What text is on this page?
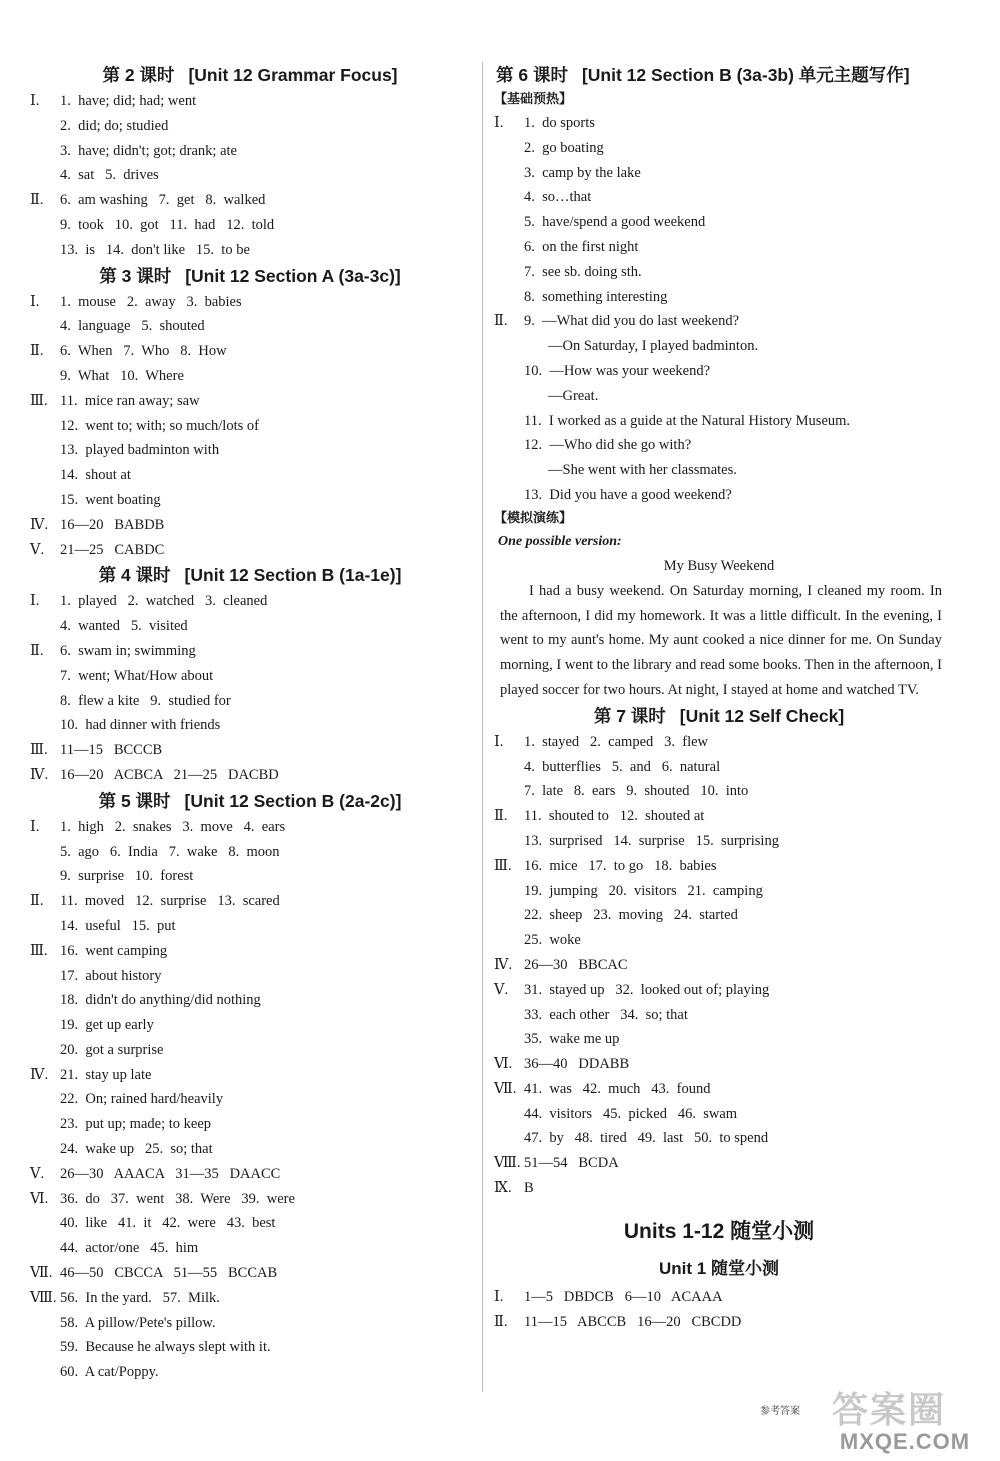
第 2 课时 [Unit 12 Grammar Focus]
Ⅰ.	1.  have; did; had; went
2.  did; do; studied
3.  have; didn't; got; drank; ate
4.  sat   5.  drives
Ⅱ.	6.  am washing   7.  get   8.  walked
9.  took   10.  got   11.  had   12.  told
13.  is   14.  don't like   15.  to be
第 3 课时 [Unit 12 Section A (3a-3c)]
Ⅰ.	1.  mouse   2.  away   3.  babies
4.  language   5.  shouted
Ⅱ.	6.  When   7.  Who   8.  How
9.  What   10.  Where
Ⅲ. 11.  mice ran away; saw
12.  went to; with; so much/lots of
13.  played badminton with
14.  shout at
15.  went boating
Ⅳ. 16—20   BABDB
Ⅴ.	21—25   CABDC
第 4 课时 [Unit 12 Section B (1a-1e)]
Ⅰ.	1.  played   2.  watched   3.  cleaned
4.  wanted   5.  visited
Ⅱ.	6.  swam in; swimming
7.  went; What/How about
8.  flew a kite   9.  studied for
10.  had dinner with friends
Ⅲ. 11—15   BCCCB
Ⅳ. 16—20   ACBCA   21—25   DACBD
第 5 课时 [Unit 12 Section B (2a-2c)]
Ⅰ.	1.  high   2.  snakes   3.  move   4.  ears
5.  ago   6.  India   7.  wake   8.  moon
9.  surprise   10.  forest
Ⅱ.	11.  moved   12.  surprise   13.  scared
14.  useful   15.  put
Ⅲ. 16.  went camping
17.  about history
18.  didn't do anything/did nothing
19.  get up early
20.  got a surprise
Ⅳ. 21.  stay up late
22.  On; rained hard/heavily
23.  put up; made; to keep
24.  wake up   25.  so; that
Ⅴ.	26—30   AAACA   31—35   DAACC
Ⅵ. 36.  do   37.  went   38.  Were   39.  were
40.  like   41.  it   42.  were   43.  best
44.  actor/one   45.  him
Ⅶ. 46—50   CBCCA   51—55   BCCAB
Ⅷ. 56.  In the yard.   57.  Milk.
58.  A pillow/Pete's pillow.
59.  Because he always slept with it.
60.  A cat/Poppy.
第 6 课时 [Unit 12 Section B (3a-3b) 单元主题写作]
【基础预热】
Ⅰ.	1.  do sports
2.  go boating
3.  camp by the lake
4.  so…that
5.  have/spend a good weekend
6.  on the first night
7.  see sb. doing sth.
8.  something interesting
Ⅱ.	9.  —What did you do last weekend?
—On Saturday, I played badminton.
10.  —How was your weekend?
—Great.
11.  I worked as a guide at the Natural History Museum.
12.  —Who did she go with?
—She went with her classmates.
13.  Did you have a good weekend?
【模拟演练】
One possible version:
My Busy Weekend

I had a busy weekend. On Saturday morning, I cleaned my room. In the afternoon, I did my homework. It was a little difficult. In the evening, I went to my aunt's home. My aunt cooked a nice dinner for me. On Sunday morning, I went to the library and read some books. Then in the afternoon, I played soccer for two hours. At night, I stayed at home and watched TV.

第 7 课时 [Unit 12 Self Check]
Ⅰ.	1.  stayed   2.  camped   3.  flew
4.  butterflies   5.  and   6.  natural
7.  late   8.  ears   9.  shouted   10.  into
Ⅱ.	11.  shouted to   12.  shouted at
13.  surprised   14.  surprise   15.  surprising
Ⅲ. 16.  mice   17.  to go   18.  babies
19.  jumping   20.  visitors   21.  camping
22.  sheep   23.  moving   24.  started
25.  woke
Ⅳ. 26—30   BBCAC
Ⅴ.	31.  stayed up   32.  looked out of; playing
33.  each other   34.  so; that
35.  wake me up
Ⅵ. 36—40   DDABB
Ⅶ. 41.  was   42.  much   43.  found
44.  visitors   45.  picked   46.  swam
47.  by   48.  tired   49.  last   50.  to spend
Ⅷ. 51—54   BCDA
Ⅸ. B
Units 1-12 随堂小测
Unit 1 随堂小测
Ⅰ.	1—5   DBDCB   6—10   ACAAA
Ⅱ.	11—15   ABCCB   16—20   CBCDD
参考答案 答案圈
MXQE.COM
